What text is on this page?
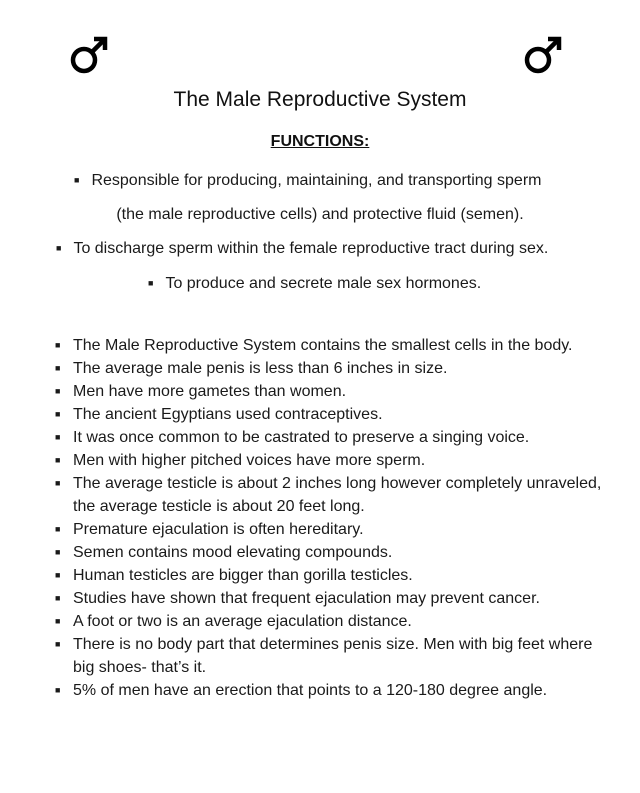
The Male Reproductive System
FUNCTIONS:
■ Responsible for producing, maintaining, and transporting sperm
(the male reproductive cells) and protective fluid (semen).
■ To discharge sperm within the female reproductive tract during sex.
■ To produce and secrete male sex hormones.
■ The Male Reproductive System contains the smallest cells in the body.
■ The average male penis is less than 6 inches in size.
■ Men have more gametes than women.
■ The ancient Egyptians used contraceptives.
■ It was once common to be castrated to preserve a singing voice.
■ Men with higher pitched voices have more sperm.
■ The average testicle is about 2 inches long however completely unraveled, the average testicle is about 20 feet long.
■ Premature ejaculation is often hereditary.
■ Semen contains mood elevating compounds.
■ Human testicles are bigger than gorilla testicles.
■ Studies have shown that frequent ejaculation may prevent cancer.
■ A foot or two is an average ejaculation distance.
■ There is no body part that determines penis size. Men with big feet where big shoes- that’s it.
■ 5% of men have an erection that points to a 120-180 degree angle.
